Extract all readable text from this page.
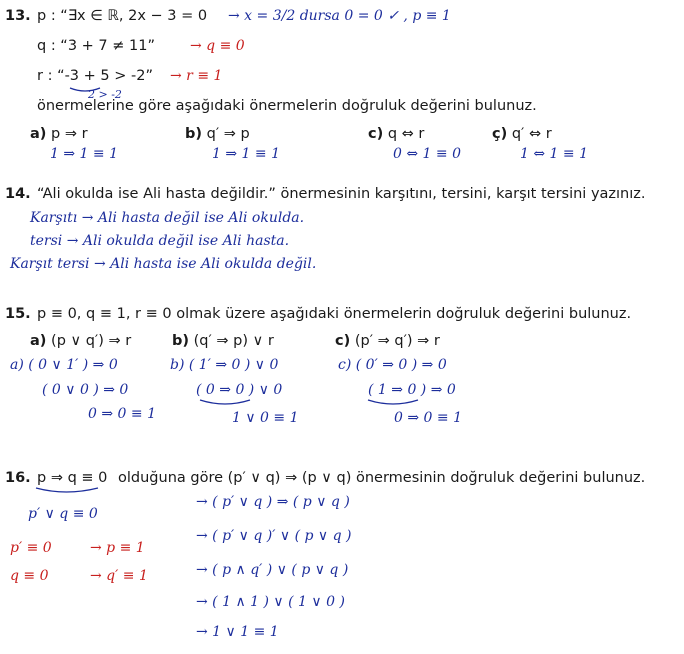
13. p : “∃x ∈ ℝ, 2x − 3 = 0 → x = 3/2 dursa 0 = 0 ✓ , p ≡ 1
q : “3 + 7 ≠ 11”	→ q ≡ 0
r : “-3 + 5 > -2” → r ≡ 1
2 > -2
önermelerine göre aşağıdaki önermelerin doğruluk değerini bulunuz.
a) p ⇒ r	b) q′ ⇒ p	c) q ⇔ r	ç) q′ ⇔ r
1 ⇒ 1 ≡ 1	1 ⇒ 1 ≡ 1	0 ⇔ 1 ≡ 0	1 ⇔ 1 ≡ 1
14. “Ali okulda ise Ali hasta değildir.” önermesinin karşıtını, tersini, karşıt tersini yazınız.
Karşıtı → Ali hasta değil ise Ali okulda.
tersi → Ali okulda değil ise Ali hasta.
Karşıt tersi → Ali hasta ise Ali okulda değil.
15. p ≡ 0, q ≡ 1, r ≡ 0 olmak üzere aşağıdaki önermelerin doğruluk değerini bulunuz.
a) (p ∨ q′) ⇒ r	b) (q′ ⇒ p) ∨ r	c) (p′ ⇒ q′) ⇒ r
a) ( 0 ∨ 1′ ) ⇒ 0
( 0 ∨ 0 ) ⇒ 0
0 ⇒ 0 ≡ 1
b) ( 1′ ⇒ 0 ) ∨ 0
( 0 ⇒ 0 ) ∨ 0
1 ∨ 0 ≡ 1
c) ( 0′ ⇒ 0 ) ⇒ 0
( 1 ⇒ 0 ) ⇒ 0
0 ⇒ 0 ≡ 1
16. p ⇒ q ≡ 0 olduğuna göre (p′ ∨ q) ⇒ (p ∨ q) önermesinin doğruluk değerini bulunuz.
p′ ∨ q ≡ 0
p′ ≡ 0	→ p ≡ 1
q ≡ 0	→ q′ ≡ 1
→ ( p′ ∨ q ) ⇒ ( p ∨ q )
→ ( p′ ∨ q )′ ∨ ( p ∨ q )
→ ( p ∧ q′ ) ∨ ( p ∨ q )
→ ( 1 ∧ 1 ) ∨ ( 1 ∨ 0 )
→ 1 ∨ 1 ≡ 1
